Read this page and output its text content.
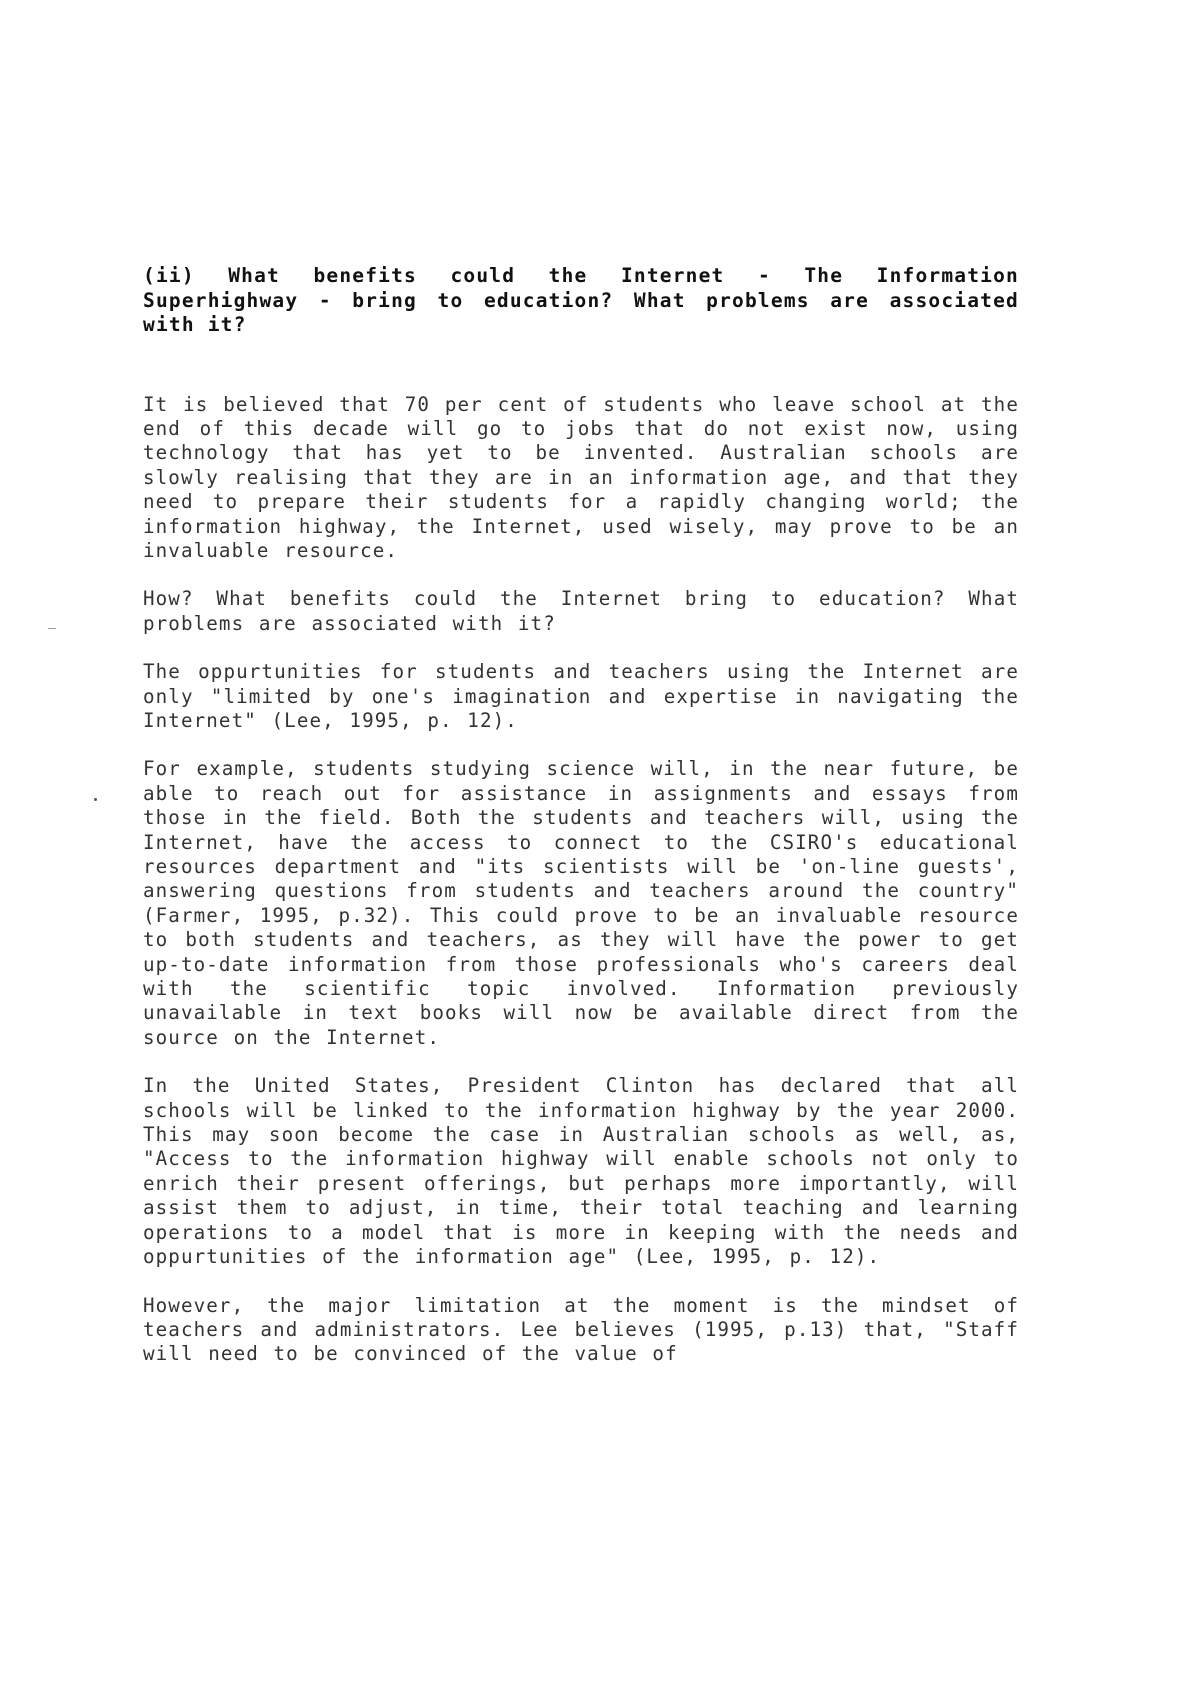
(ii) What benefits could the Internet - The Information Superhighway - bring to education? What problems are associated with it?

It is believed that 70 per cent of students who leave school at the end of this decade will go to jobs that do not exist now, using technology that has yet to be invented. Australian schools are slowly realising that they are in an information age, and that they need to prepare their students for a rapidly changing world; the information highway, the Internet, used wisely, may prove to be an invaluable resource.

How? What benefits could the Internet bring to education? What problems are associated with it?

The oppurtunities for students and teachers using the Internet are only "limited by one's imagination and expertise in navigating the Internet" (Lee, 1995, p. 12).

For example, students studying science will, in the near future, be able to reach out for assistance in assignments and essays from those in the field. Both the students and teachers will, using the Internet, have the access to connect to the CSIRO's educational resources department and "its scientists will be 'on-line guests', answering questions from students and teachers around the country" (Farmer, 1995, p.32). This could prove to be an invaluable resource to both students and teachers, as they will have the power to get up-to-date information from those professionals who's careers deal with the scientific topic involved. Information previously unavailable in text books will now be available direct from the source on the Internet.

In the United States, President Clinton has declared that all schools will be linked to the information highway by the year 2000. This may soon become the case in Australian schools as well, as, "Access to the information highway will enable schools not only to enrich their present offerings, but perhaps more importantly, will assist them to adjust, in time, their total teaching and learning operations to a model that is more in keeping with the needs and oppurtunities of the information age" (Lee, 1995, p. 12).

However, the major limitation at the moment is the mindset of teachers and administrators. Lee believes (1995, p.13) that, "Staff will need to be convinced of the value of
